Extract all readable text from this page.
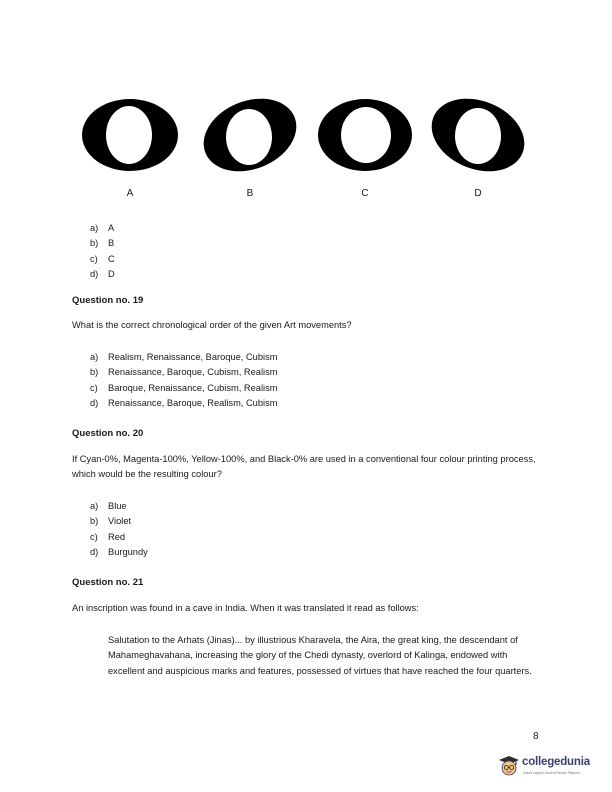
A	B	C	D
a) A
b) B
c) C
d) D
Question no. 19
What is the correct chronological order of the given Art movements?
a) Realism, Renaissance, Baroque, Cubism
b) Renaissance, Baroque, Cubism, Realism
c) Baroque, Renaissance, Cubism, Realism
d) Renaissance, Baroque, Realism, Cubism
Question no. 20
If Cyan-0%, Magenta-100%, Yellow-100%, and Black-0% are used in a conventional four colour printing process, which would be the resulting colour?
a) Blue
b) Violet
c) Red
d) Burgundy
Question no. 21
An inscription was found in a cave in India. When it was translated it read as follows:
Salutation to the Arhats (Jinas)... by illustrious Kharavela, the Aira, the great king, the descendant of Mahameghavahana, increasing the glory of the Chedi dynasty, overlord of Kalinga, endowed with excellent and auspicious marks and features, possessed of virtues that have reached the four quarters.
8
collegedunia
India's Largest Student Review Platform
